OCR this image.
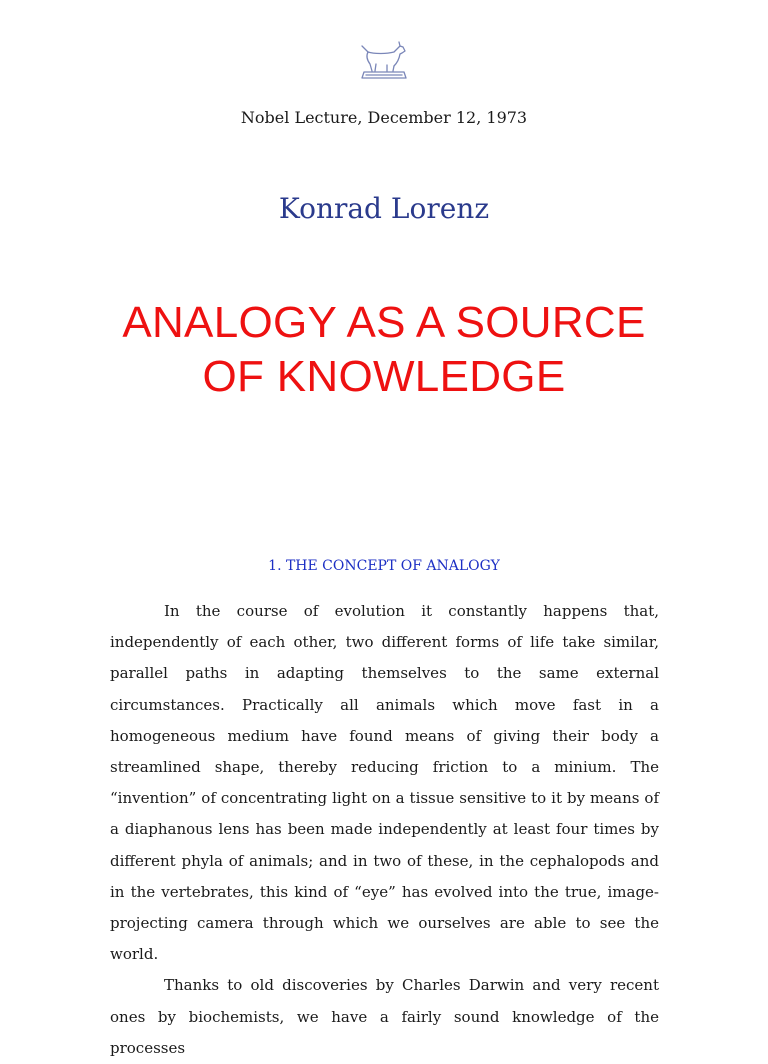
Nobel Lecture, December 12, 1973
Konrad Lorenz
ANALOGY AS A SOURCE
OF KNOWLEDGE
1. THE CONCEPT OF ANALOGY

In the course of evolution it constantly happens that, independently of each other, two different forms of life take similar, parallel paths in adapting themselves to the same external circumstances. Practically all animals which move fast in a homogeneous medium have found means of giving their body a streamlined shape, thereby reducing friction to a minium. The “invention” of concentrating light on a tissue sensitive to it by means of a diaphanous lens has been made independently at least four times by different phyla of animals; and in two of these, in the cephalopods and in the vertebrates, this kind of “eye” has evolved into the true, image-projecting camera through which we ourselves are able to see the world.

Thanks to old discoveries by Charles Darwin and very recent ones by biochemists, we have a fairly sound knowledge of the processes
